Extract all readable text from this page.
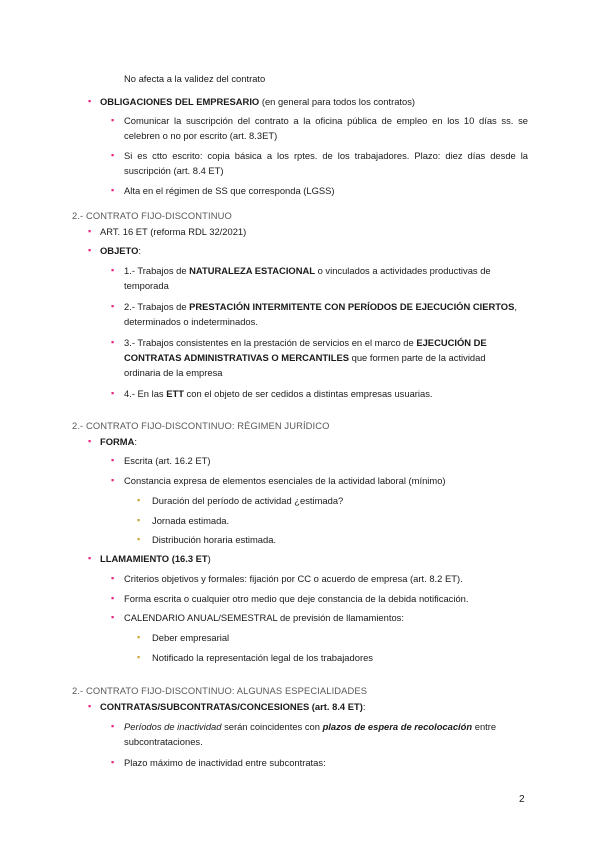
No afecta a la validez del contrato
▪ OBLIGACIONES DEL EMPRESARIO (en general para todos los contratos)
▪ Comunicar la suscripción del contrato a la oficina pública de empleo en los 10 días ss. se celebren o no por escrito (art. 8.3ET)
▪ Si es ctto escrito: copia básica a los rptes. de los trabajadores. Plazo: diez días desde la suscripción (art. 8.4 ET)
▪ Alta en el régimen de SS que corresponda (LGSS)
2.- CONTRATO FIJO-DISCONTINUO
▪ ART. 16 ET (reforma RDL 32/2021)
▪ OBJETO:
▪ 1.- Trabajos de NATURALEZA ESTACIONAL o vinculados a actividades productivas de
temporada
▪ 2.- Trabajos de PRESTACIÓN INTERMITENTE CON PERÍODOS DE EJECUCIÓN CIERTOS,
determinados o indeterminados.
▪ 3.- Trabajos consistentes en la prestación de servicios en el marco de EJECUCIÓN DE
CONTRATAS ADMINISTRATIVAS O MERCANTILES que formen parte de la actividad
ordinaria de la empresa
▪ 4.- En las ETT con el objeto de ser cedidos a distintas empresas usuarias.
2.- CONTRATO FIJO-DISCONTINUO: RÉGIMEN JURÍDICO
▪ FORMA:
▪ Escrita (art. 16.2 ET)
▪ Constancia expresa de elementos esenciales de la actividad laboral (mínimo)
▪ Duración del período de actividad ¿estimada?
▪ Jornada estimada.
▪ Distribución horaria estimada.
▪ LLAMAMIENTO (16.3 ET)
▪ Criterios objetivos y formales: fijación por CC o acuerdo de empresa (art. 8.2 ET).
▪ Forma escrita o cualquier otro medio que deje constancia de la debida notificación.
▪ CALENDARIO ANUAL/SEMESTRAL de previsión de llamamientos:
▪ Deber empresarial
▪ Notificado la representación legal de los trabajadores
2.- CONTRATO FIJO-DISCONTINUO: ALGUNAS ESPECIALIDADES
▪ CONTRATAS/SUBCONTRATAS/CONCESIONES (art. 8.4 ET):
▪ Períodos de inactividad serán coincidentes con plazos de espera de recolocación entre
subcontrataciones.
▪ Plazo máximo de inactividad entre subcontratas:
2
